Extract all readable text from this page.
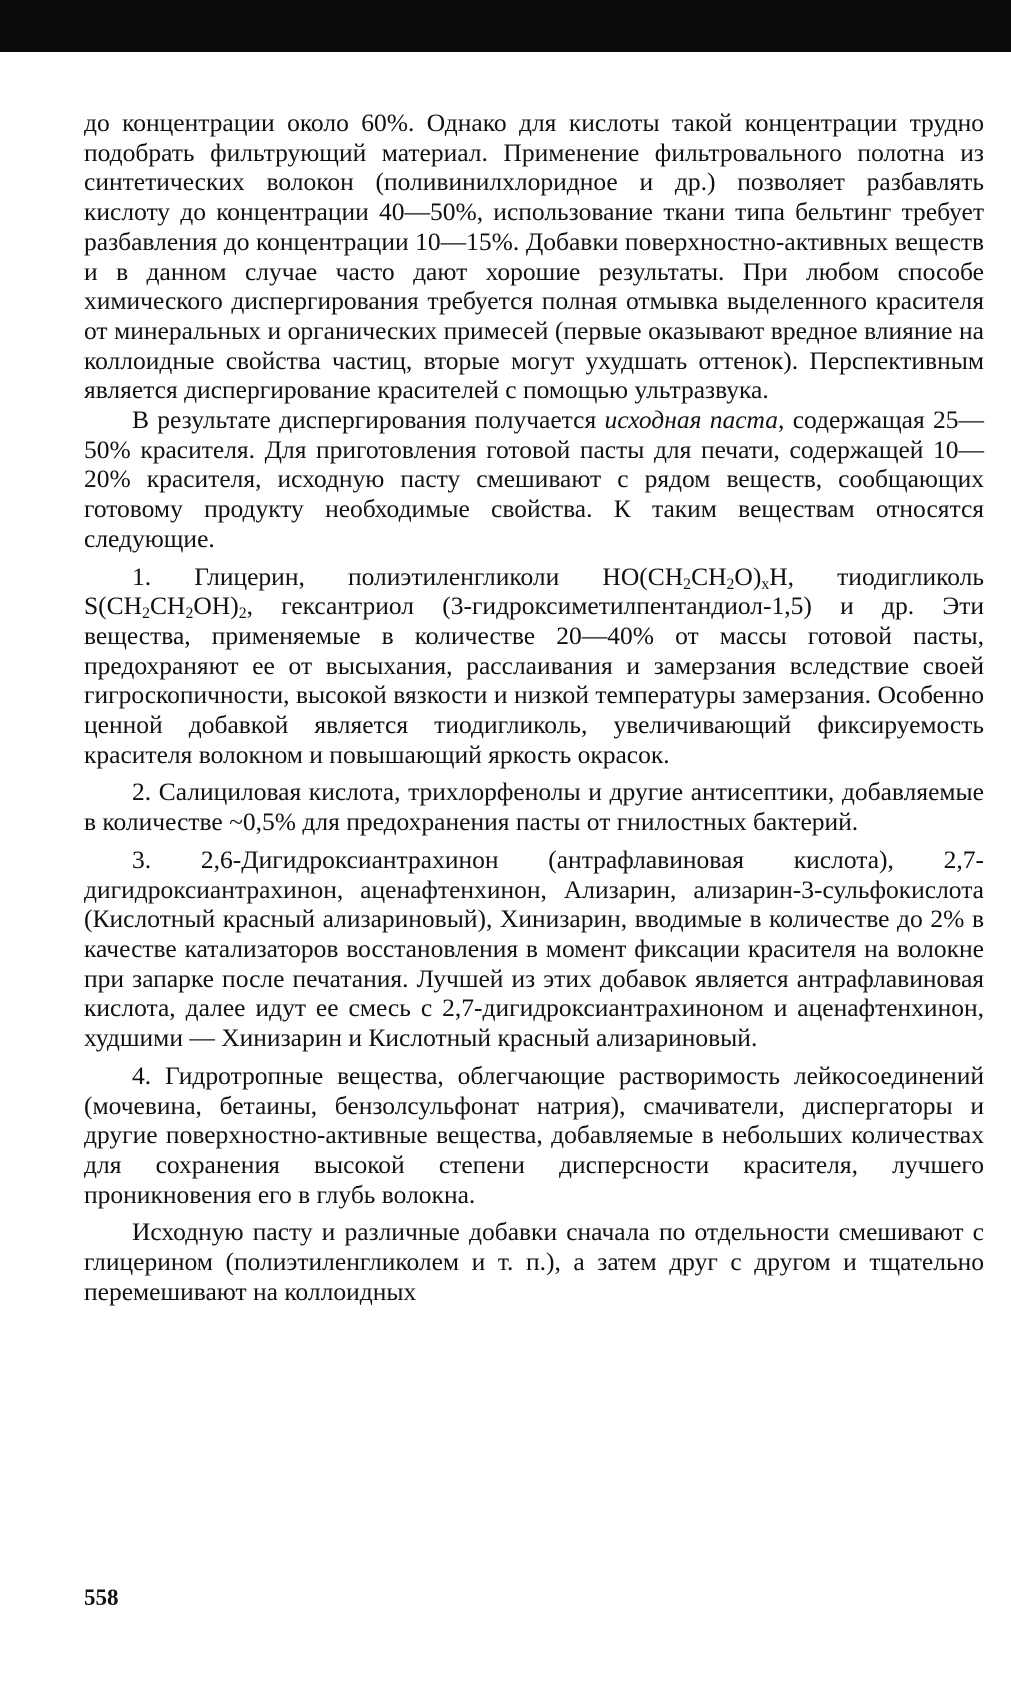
до концентрации около 60%. Однако для кислоты такой концентрации трудно подобрать фильтрующий материал. Применение фильтровального полотна из синтетических волокон (поливинилхлоридное и др.) позволяет разбавлять кислоту до концентрации 40—50%, использование ткани типа бельтинг требует разбавления до концентрации 10—15%. Добавки поверхностно-активных веществ и в данном случае часто дают хорошие результаты. При любом способе химического диспергирования требуется полная отмывка выделенного красителя от минеральных и органических примесей (первые оказывают вредное влияние на коллоидные свойства частиц, вторые могут ухудшать оттенок). Перспективным является диспергирование красителей с помощью ультразвука.

В результате диспергирования получается исходная паста, содержащая 25—50% красителя. Для приготовления готовой пасты для печати, содержащей 10—20% красителя, исходную пасту смешивают с рядом веществ, сообщающих готовому продукту необходимые свойства. К таким веществам относятся следующие.

1. Глицерин, полиэтиленгликоли $HO(CH_2CH_2O)_xH$, тиодигликоль $S(CH_2CH_2OH)_2$, гексантриол (3-гидроксиметилпентандиол-1,5) и др. Эти вещества, применяемые в количестве 20—40% от массы готовой пасты, предохраняют ее от высыхания, расслаивания и замерзания вследствие своей гигроскопичности, высокой вязкости и низкой температуры замерзания. Особенно ценной добавкой является тиодигликоль, увеличивающий фиксируемость красителя волокном и повышающий яркость окрасок.

2. Салициловая кислота, трихлорфенолы и другие антисептики, добавляемые в количестве ~0,5% для предохранения пасты от гнилостных бактерий.

3. 2,6-Дигидроксиантрахинон (антрафлавиновая кислота), 2,7-дигидроксиантрахинон, аценафтенхинон, Ализарин, ализарин-3-сульфокислота (Кислотный красный ализариновый), Хинизарин, вводимые в количестве до 2% в качестве катализаторов восстановления в момент фиксации красителя на волокне при запарке после печатания. Лучшей из этих добавок является антрафлавиновая кислота, далее идут ее смесь с 2,7-дигидроксиантрахиноном и аценафтенхинон, худшими — Хинизарин и Кислотный красный ализариновый.

4. Гидротропные вещества, облегчающие растворимость лейкосоединений (мочевина, бетаины, бензолсульфонат натрия), смачиватели, диспергаторы и другие поверхностно-активные вещества, добавляемые в небольших количествах для сохранения высокой степени дисперсности красителя, лучшего проникновения его в глубь волокна.

Исходную пасту и различные добавки сначала по отдельности смешивают с глицерином (полиэтиленгликолем и т. п.), а затем друг с другом и тщательно перемешивают на коллоидных

558
